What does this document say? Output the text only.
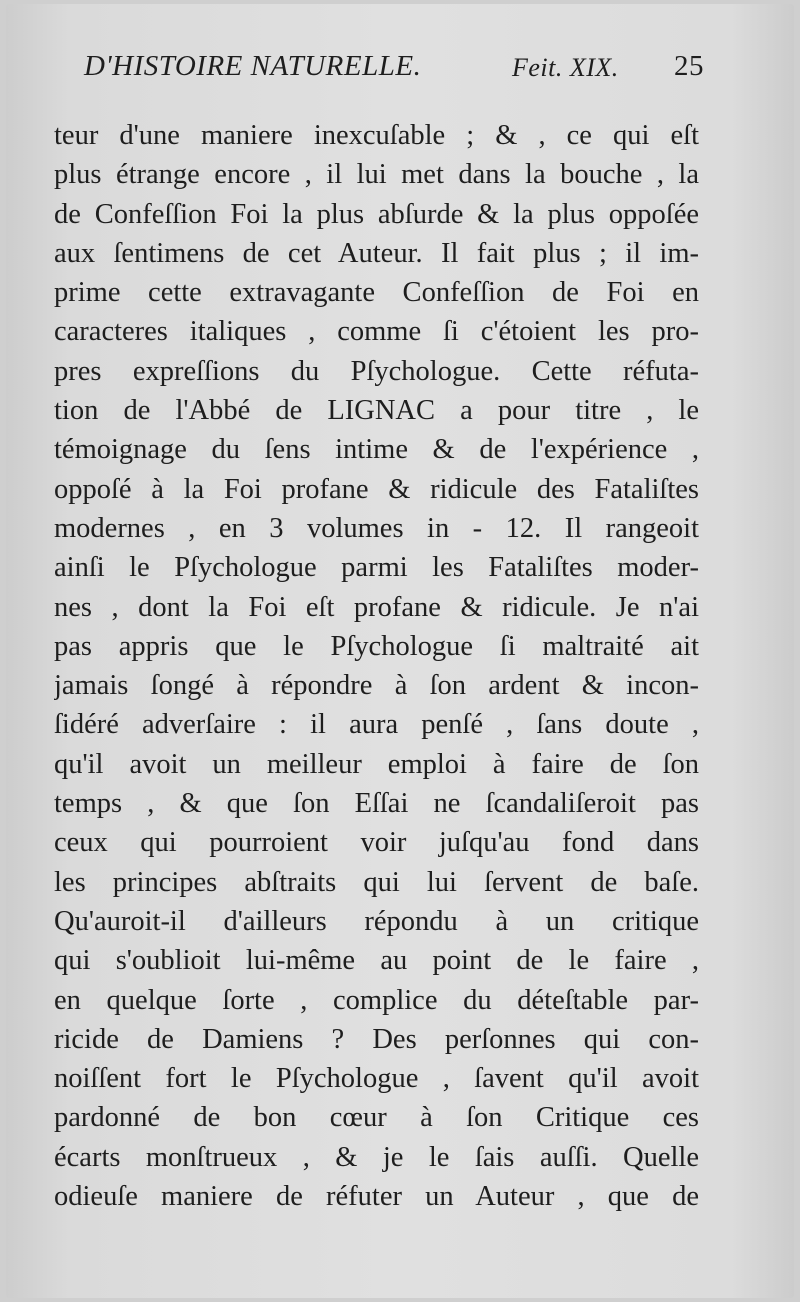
D'HISTOIRE NATURELLE.	Feit. XIX. 25
teur d'une maniere inexcuſable ; & , ce qui eſt
plus étrange encore , il lui met dans la bouche , la
de Confeſſion Foi la plus abſurde & la plus oppoſée
aux ſentimens de cet Auteur. Il fait plus ; il im-
prime cette extravagante Confeſſion de Foi en
caracteres italiques , comme ſi c'étoient les pro-
pres expreſſions du Pſychologue. Cette réfuta-
tion de l'Abbé de LIGNAC a pour titre , le
témoignage du ſens intime & de l'expérience ,
oppoſé à la Foi profane & ridicule des Fataliſtes
modernes , en 3 volumes in - 12. Il rangeoit
ainſi le Pſychologue parmi les Fataliſtes moder-
nes , dont la Foi eſt profane & ridicule. Je n'ai
pas appris que le Pſychologue ſi maltraité ait
jamais ſongé à répondre à ſon ardent & incon-
ſidéré adverſaire : il aura penſé , ſans doute ,
qu'il avoit un meilleur emploi à faire de ſon
temps , & que ſon Eſſai ne ſcandaliſeroit pas
ceux qui pourroient voir juſqu'au fond dans
les principes abſtraits qui lui ſervent de baſe.
Qu'auroit-il d'ailleurs répondu à un critique
qui s'oublioit lui-même au point de le faire ,
en quelque ſorte , complice du déteſtable par-
ricide de Damiens ? Des perſonnes qui con-
noiſſent fort le Pſychologue , ſavent qu'il avoit
pardonné de bon cœur à ſon Critique ces
écarts monſtrueux , & je le ſais auſſi. Quelle
odieuſe maniere de réfuter un Auteur , que de
